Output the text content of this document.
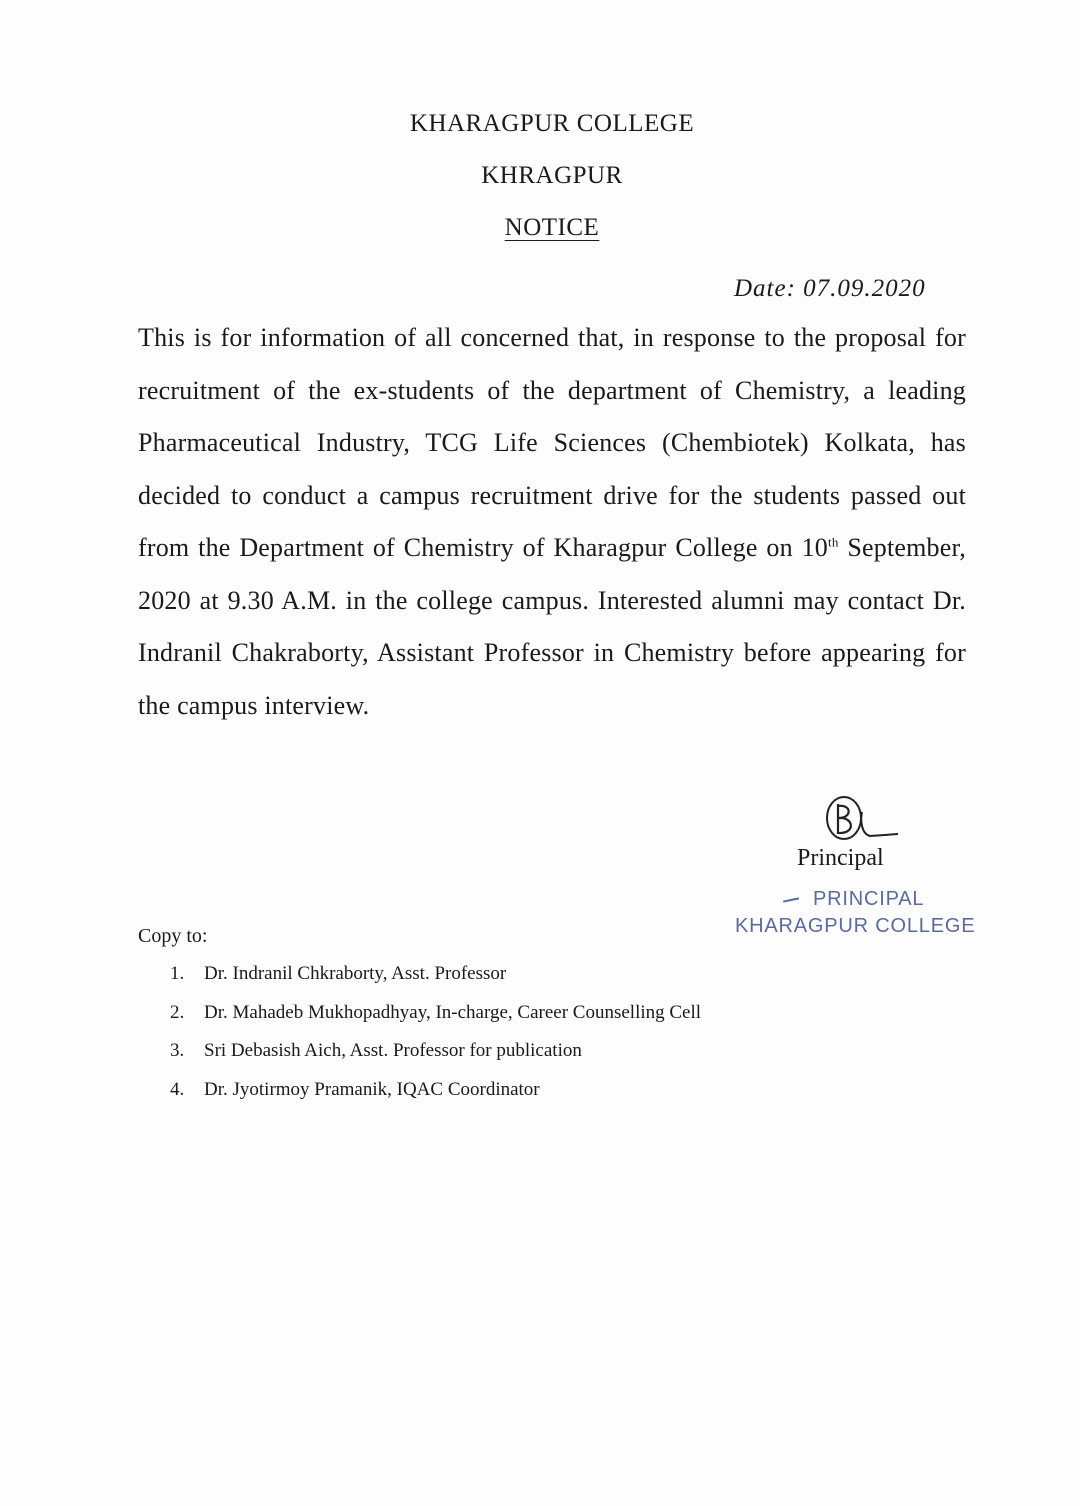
KHARAGPUR COLLEGE
KHRAGPUR
NOTICE
Date: 07.09.2020
This is for information of all concerned that, in response to the proposal for recruitment of the ex-students of the department of Chemistry, a leading Pharmaceutical Industry, TCG Life Sciences (Chembiotek) Kolkata, has decided to conduct a campus recruitment drive for the students passed out from the Department of Chemistry of Kharagpur College on 10th September, 2020 at 9.30 A.M. in the college campus. Interested alumni may contact Dr. Indranil Chakraborty, Assistant Professor in Chemistry before appearing for the campus interview.
Principal
PRINCIPAL
KHARAGPUR COLLEGE
Copy to:
1.	Dr. Indranil Chkraborty, Asst. Professor
2.	Dr. Mahadeb Mukhopadhyay, In-charge, Career Counselling Cell
3.	Sri Debasish Aich, Asst. Professor for publication
4.	Dr. Jyotirmoy Pramanik, IQAC Coordinator
